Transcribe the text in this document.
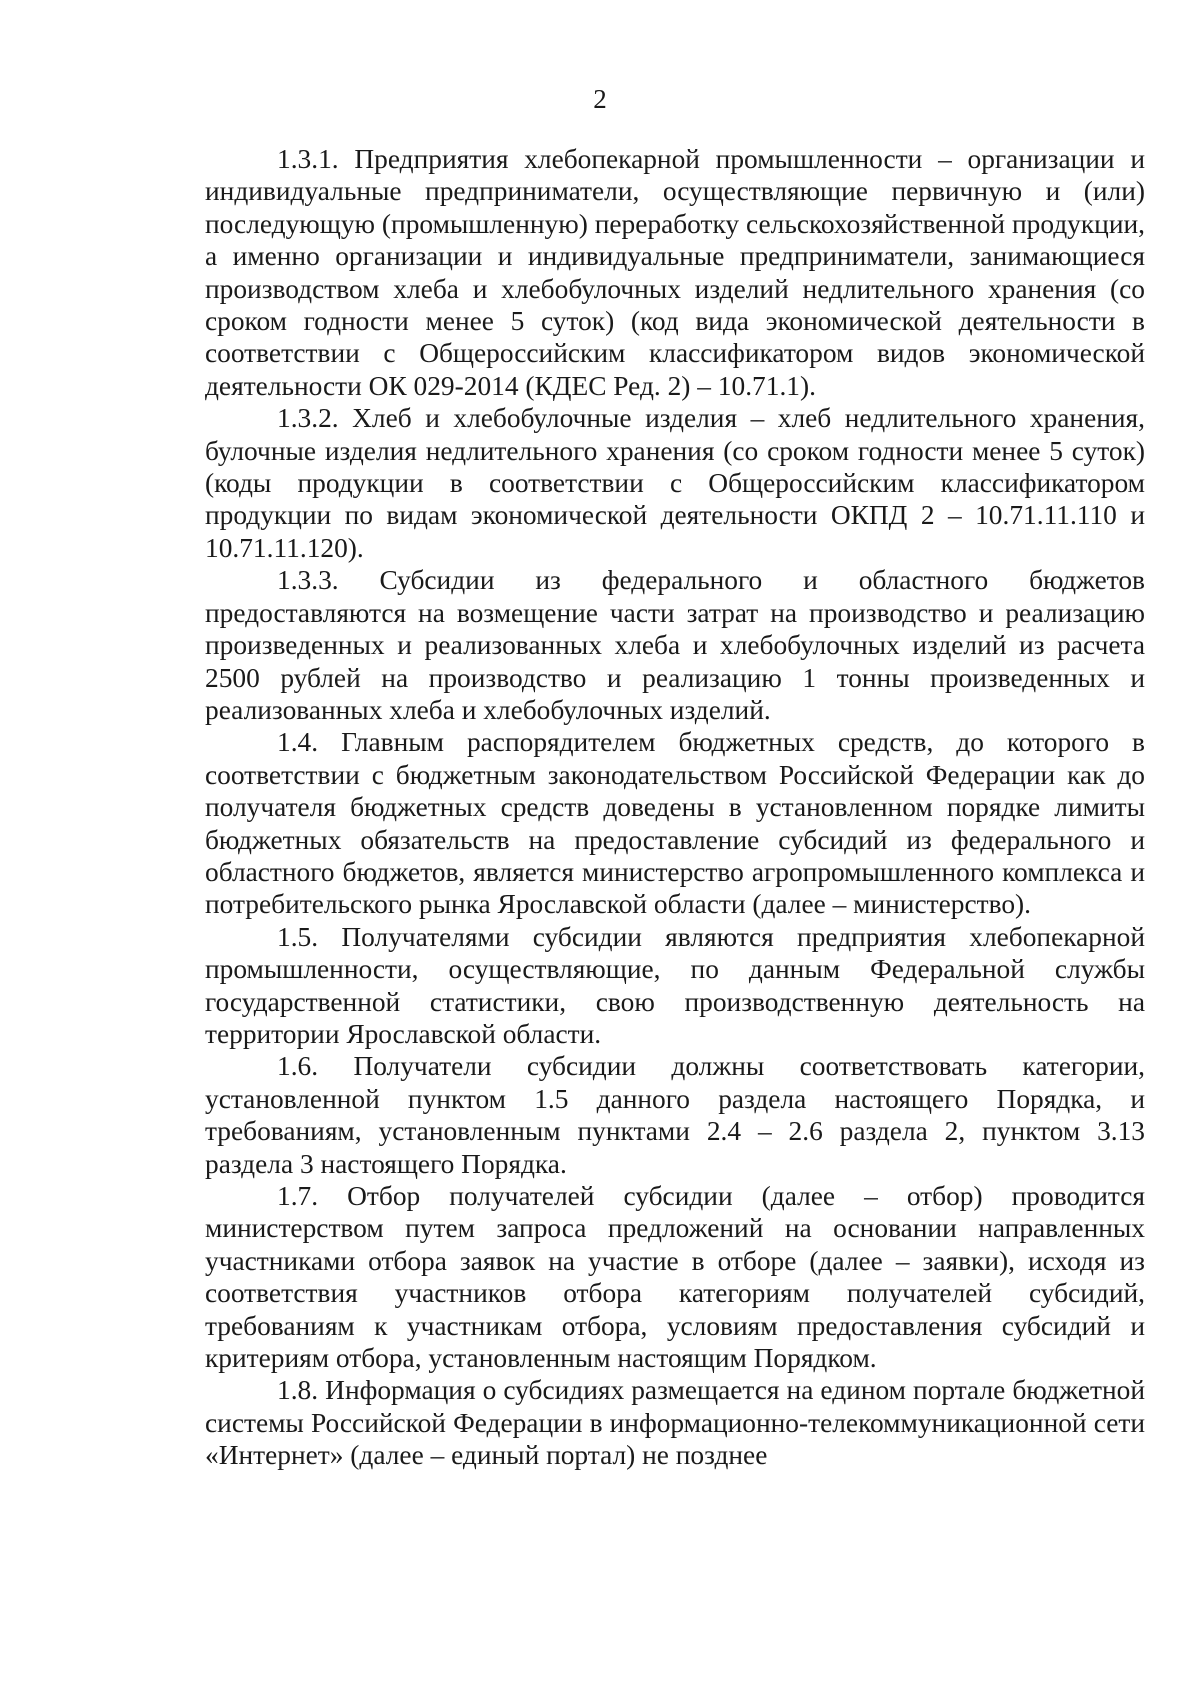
2

1.3.1. Предприятия хлебопекарной промышленности – организации и индивидуальные предприниматели, осуществляющие первичную и (или) последующую (промышленную) переработку сельскохозяйственной продукции, а именно организации и индивидуальные предприниматели, занимающиеся производством хлеба и хлебобулочных изделий недлительного хранения (со сроком годности менее 5 суток) (код вида экономической деятельности в соответствии с Общероссийским классификатором видов экономической деятельности ОК 029-2014 (КДЕС Ред. 2) – 10.71.1).

1.3.2. Хлеб и хлебобулочные изделия – хлеб недлительного хранения, булочные изделия недлительного хранения (со сроком годности менее 5 суток) (коды продукции в соответствии с Общероссийским классификатором продукции по видам экономической деятельности ОКПД 2 – 10.71.11.110 и 10.71.11.120).

1.3.3. Субсидии из федерального и областного бюджетов предоставляются на возмещение части затрат на производство и реализацию произведенных и реализованных хлеба и хлебобулочных изделий из расчета 2500 рублей на производство и реализацию 1 тонны произведенных и реализованных хлеба и хлебобулочных изделий.

1.4. Главным распорядителем бюджетных средств, до которого в соответствии с бюджетным законодательством Российской Федерации как до получателя бюджетных средств доведены в установленном порядке лимиты бюджетных обязательств на предоставление субсидий из федерального и областного бюджетов, является министерство агропромышленного комплекса и потребительского рынка Ярославской области (далее – министерство).

1.5. Получателями субсидии являются предприятия хлебопекарной промышленности, осуществляющие, по данным Федеральной службы государственной статистики, свою производственную деятельность на территории Ярославской области.

1.6. Получатели субсидии должны соответствовать категории, установленной пунктом 1.5 данного раздела настоящего Порядка, и требованиям, установленным пунктами 2.4 – 2.6 раздела 2, пунктом 3.13 раздела 3 настоящего Порядка.

1.7. Отбор получателей субсидии (далее – отбор) проводится министерством путем запроса предложений на основании направленных участниками отбора заявок на участие в отборе (далее – заявки), исходя из соответствия участников отбора категориям получателей субсидий, требованиям к участникам отбора, условиям предоставления субсидий и критериям отбора, установленным настоящим Порядком.

1.8. Информация о субсидиях размещается на едином портале бюджетной системы Российской Федерации в информационно-телекоммуникационной сети «Интернет» (далее – единый портал) не позднее
